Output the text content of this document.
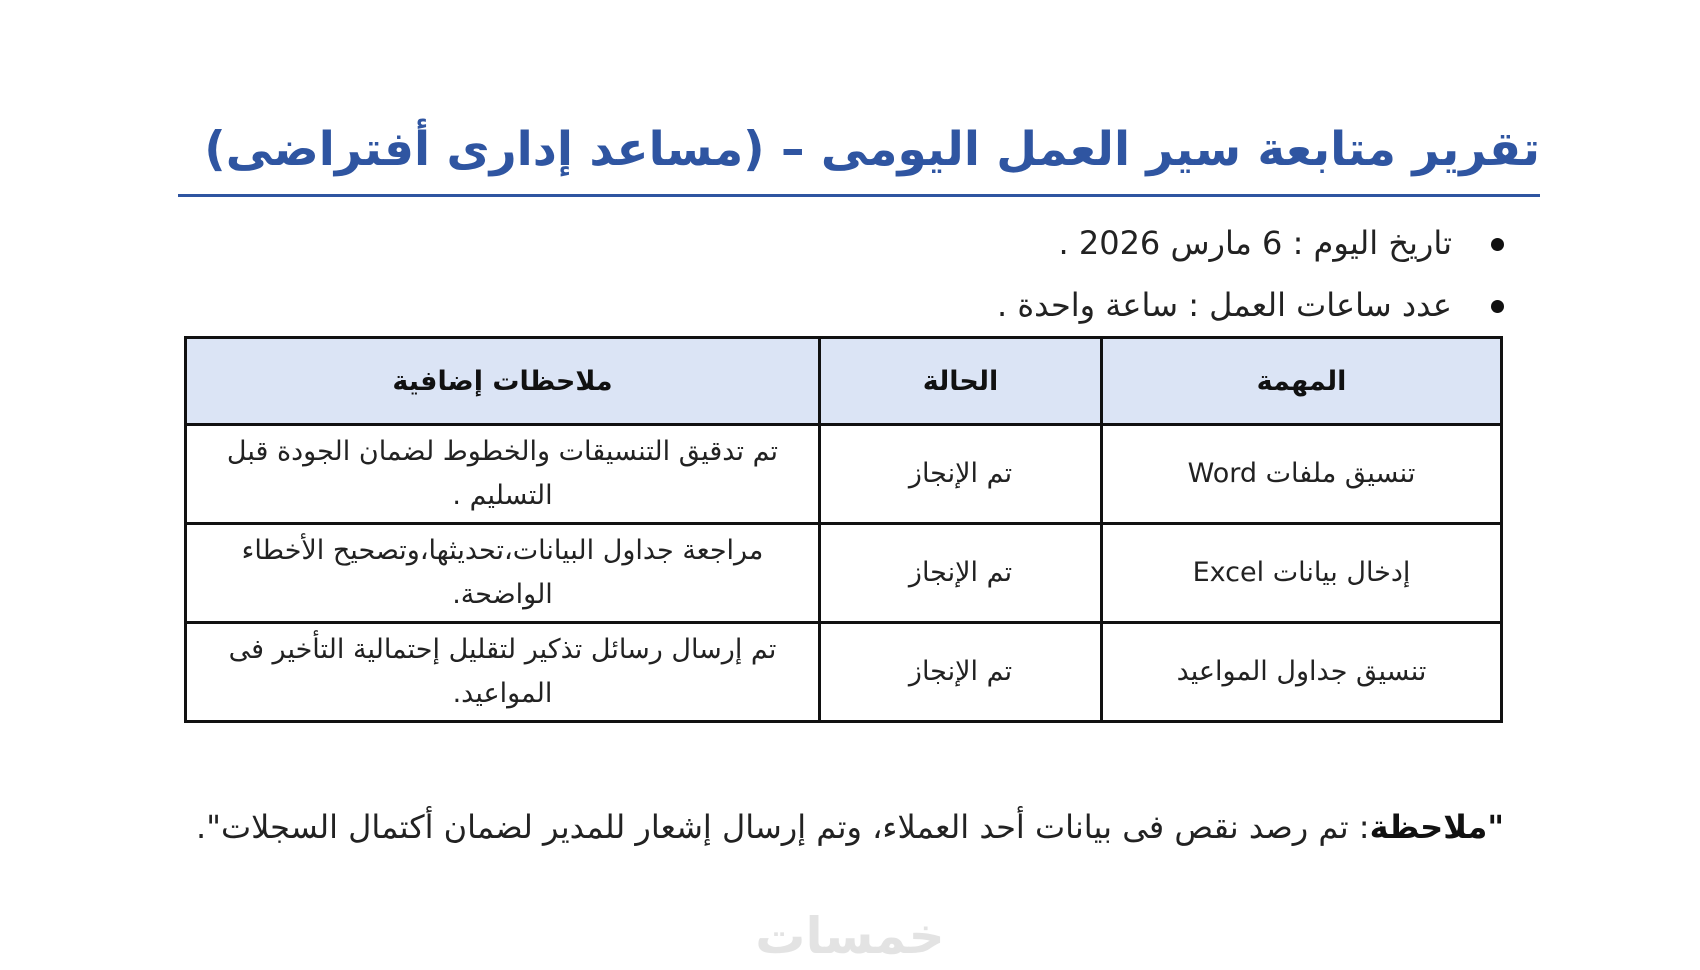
تقرير متابعة سير العمل اليومى – (مساعد إدارى أفتراضى)
تاريخ اليوم : 6 مارس 2026 .
عدد ساعات العمل : ساعة واحدة .
المهمة	الحالة	ملاحظات إضافية
تنسيق ملفات Word	تم الإنجاز	تم تدقيق التنسيقات والخطوط لضمان الجودة قبل التسليم .
إدخال بيانات Excel	تم الإنجاز	مراجعة جداول البيانات،تحديثها،وتصحيح الأخطاء الواضحة.
تنسيق جداول المواعيد	تم الإنجاز	تم إرسال رسائل تذكير لتقليل إحتمالية التأخير فى المواعيد.
"ملاحظة: تم رصد نقص فى بيانات أحد العملاء، وتم إرسال إشعار للمدير لضمان أكتمال السجلات".
خمسات
